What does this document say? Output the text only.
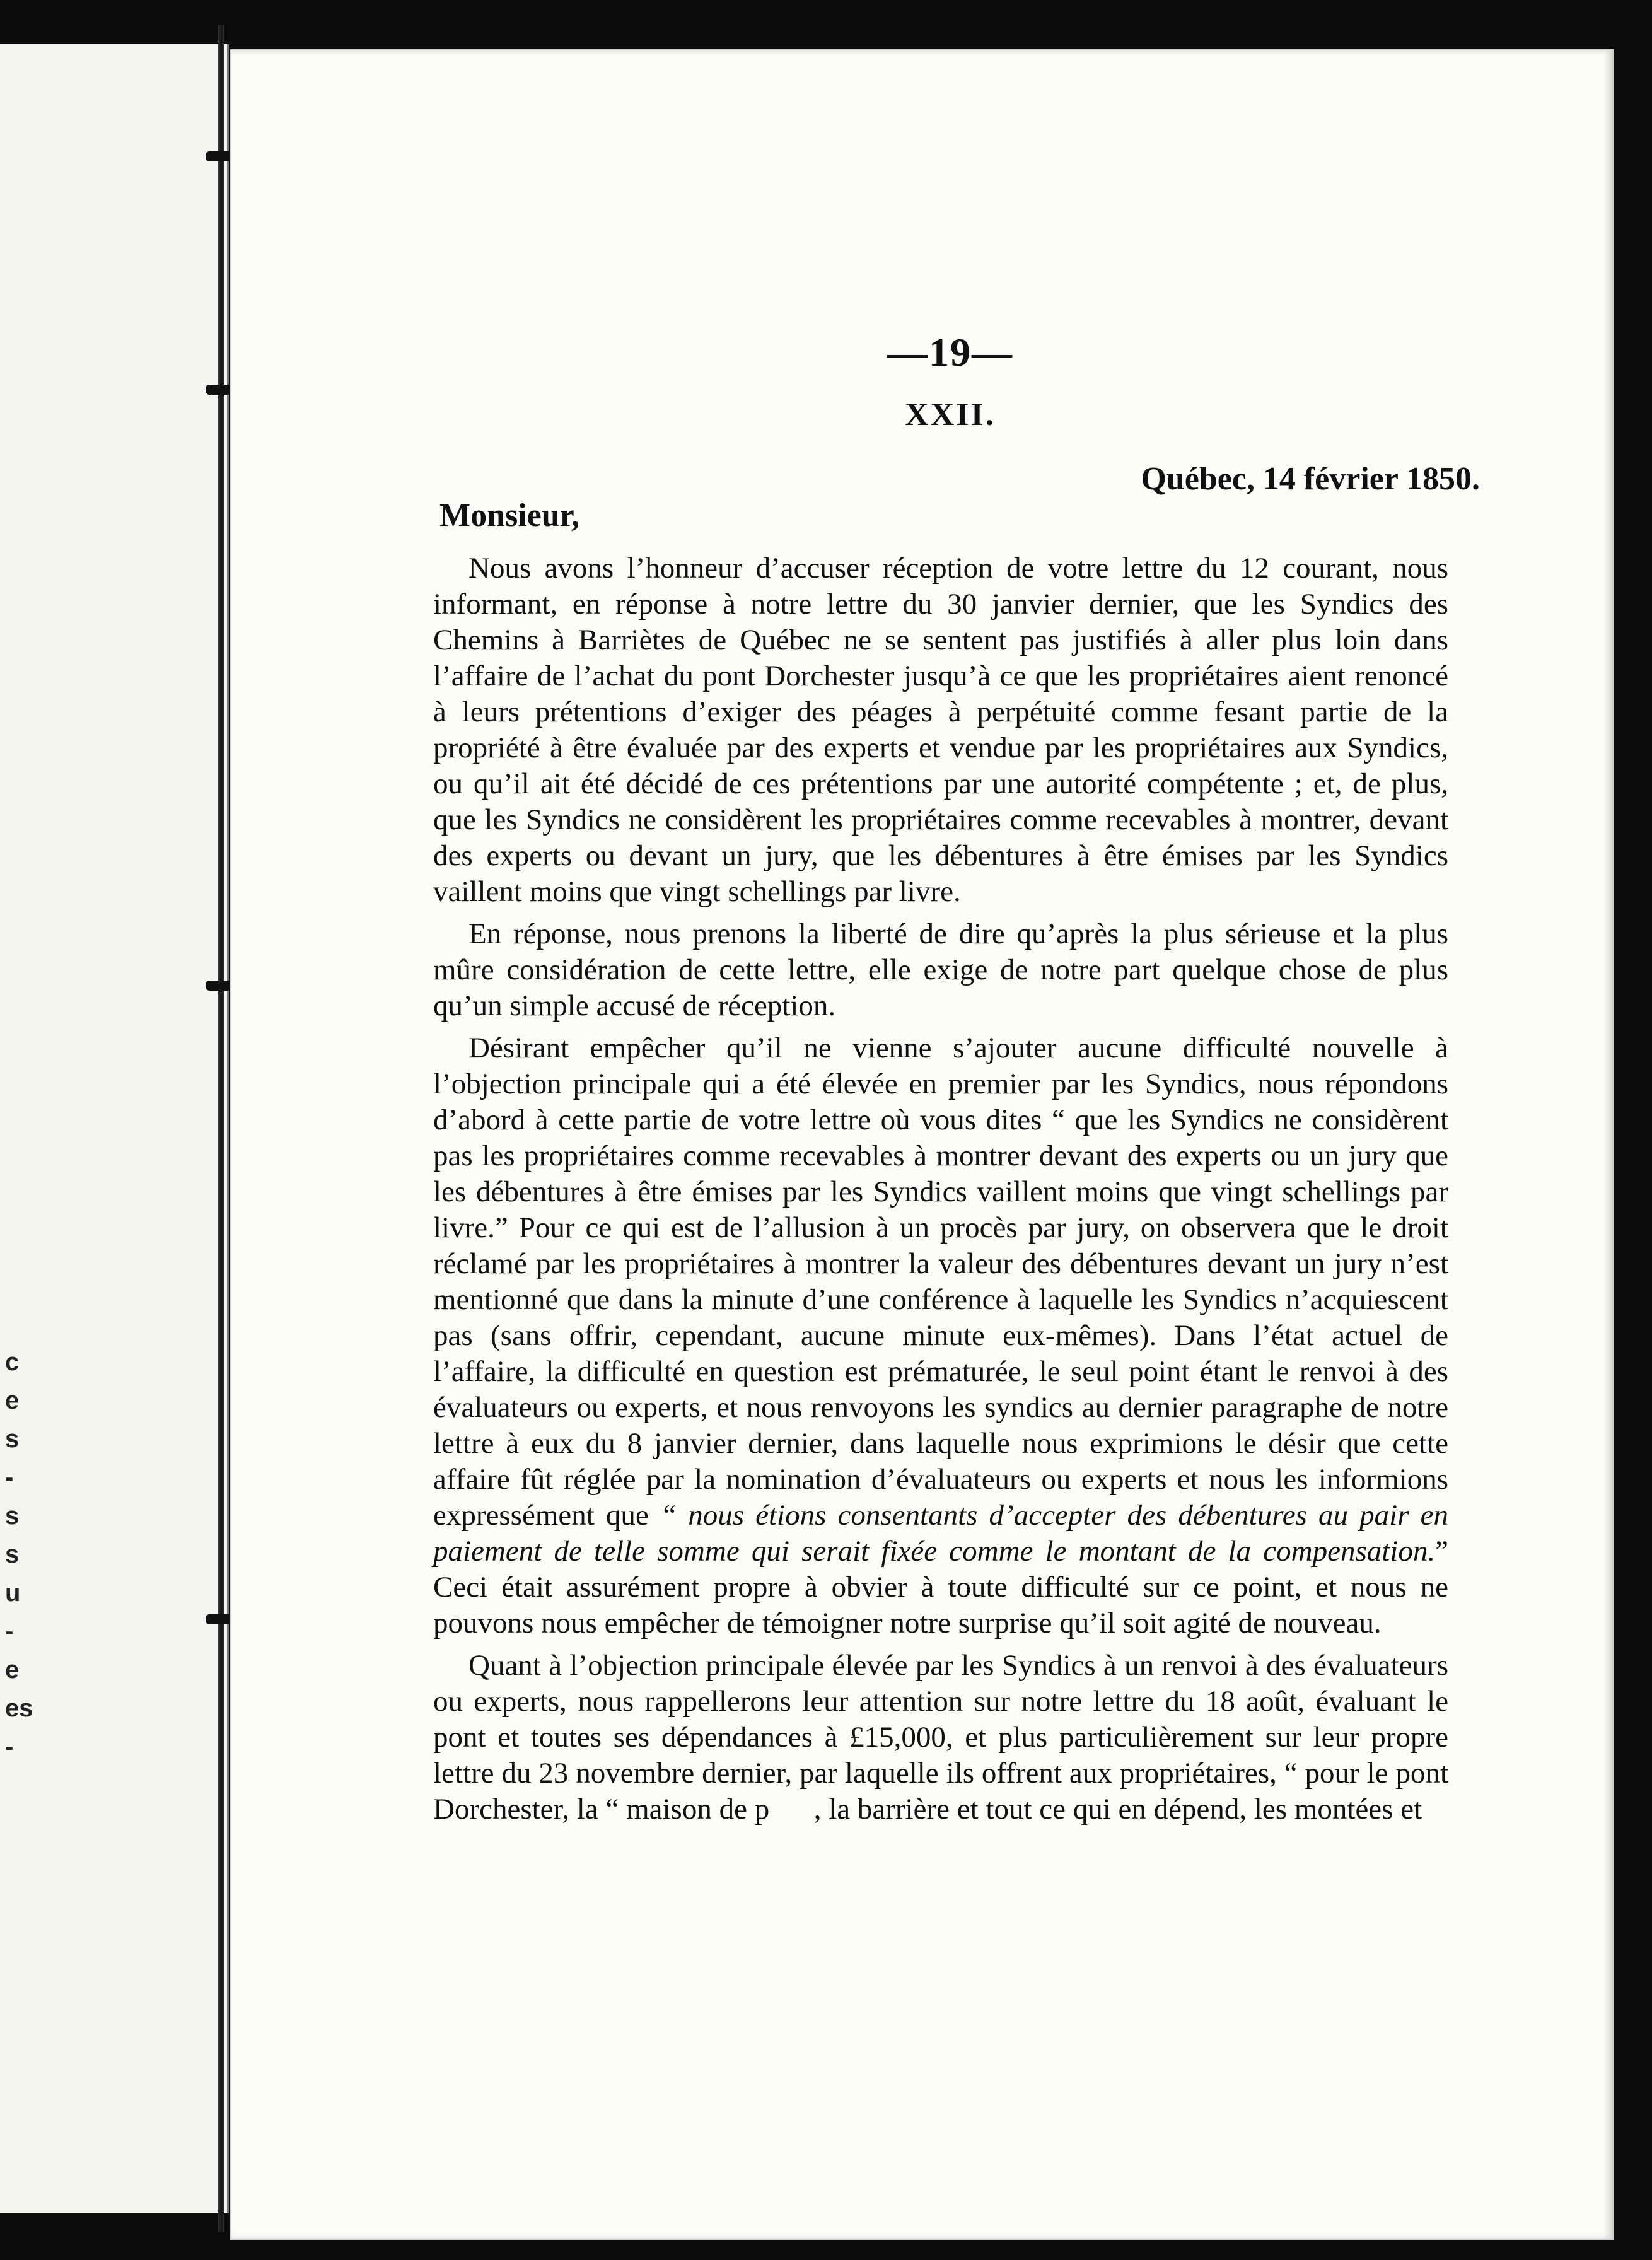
c
e
s
-
s
s
u
-
e
es
-
—19—
XXII.
Québec, 14 février 1850.
Monsieur,

Nous avons l’honneur d’accuser réception de votre lettre du 12 courant, nous informant, en réponse à notre lettre du 30 janvier dernier, que les Syndics des Chemins à Barriètes de Québec ne se sentent pas justifiés à aller plus loin dans l’affaire de l’achat du pont Dorchester jusqu’à ce que les propriétaires aient renoncé à leurs prétentions d’exiger des péages à perpétuité comme fesant partie de la propriété à être évaluée par des experts et vendue par les propriétaires aux Syndics, ou qu’il ait été décidé de ces prétentions par une autorité compétente ; et, de plus, que les Syndics ne considèrent les propriétaires comme recevables à montrer, devant des experts ou devant un jury, que les débentures à être émises par les Syndics vaillent moins que vingt schellings par livre.

En réponse, nous prenons la liberté de dire qu’après la plus sérieuse et la plus mûre considération de cette lettre, elle exige de notre part quelque chose de plus qu’un simple accusé de réception.

Désirant empêcher qu’il ne vienne s’ajouter aucune difficulté nouvelle à l’objection principale qui a été élevée en premier par les Syndics, nous répondons d’abord à cette partie de votre lettre où vous dites “ que les Syndics ne considèrent pas les propriétaires comme recevables à montrer devant des experts ou un jury que les débentures à être émises par les Syndics vaillent moins que vingt schellings par livre.” Pour ce qui est de l’allusion à un procès par jury, on observera que le droit réclamé par les propriétaires à montrer la valeur des débentures devant un jury n’est mentionné que dans la minute d’une conférence à laquelle les Syndics n’acquiescent pas (sans offrir, cependant, aucune minute eux-mêmes). Dans l’état actuel de l’affaire, la difficulté en question est prématurée, le seul point étant le renvoi à des évaluateurs ou experts, et nous renvoyons les syndics au dernier paragraphe de notre lettre à eux du 8 janvier dernier, dans laquelle nous exprimions le désir que cette affaire fût réglée par la nomination d’évaluateurs ou experts et nous les informions expressément que “ nous étions consentants d’accepter des débentures au pair en paiement de telle somme qui serait fixée comme le montant de la compensation.” Ceci était assurément propre à obvier à toute difficulté sur ce point, et nous ne pouvons nous empêcher de témoigner notre surprise qu’il soit agité de nouveau.

Quant à l’objection principale élevée par les Syndics à un renvoi à des évaluateurs ou experts, nous rappellerons leur attention sur notre lettre du 18 août, évaluant le pont et toutes ses dépendances à £15,000, et plus particulièrement sur leur propre lettre du 23 novembre dernier, par laquelle ils offrent aux propriétaires, “ pour le pont Dorchester, la “ maison de p , la barrière et tout ce qui en dépend, les montées et
